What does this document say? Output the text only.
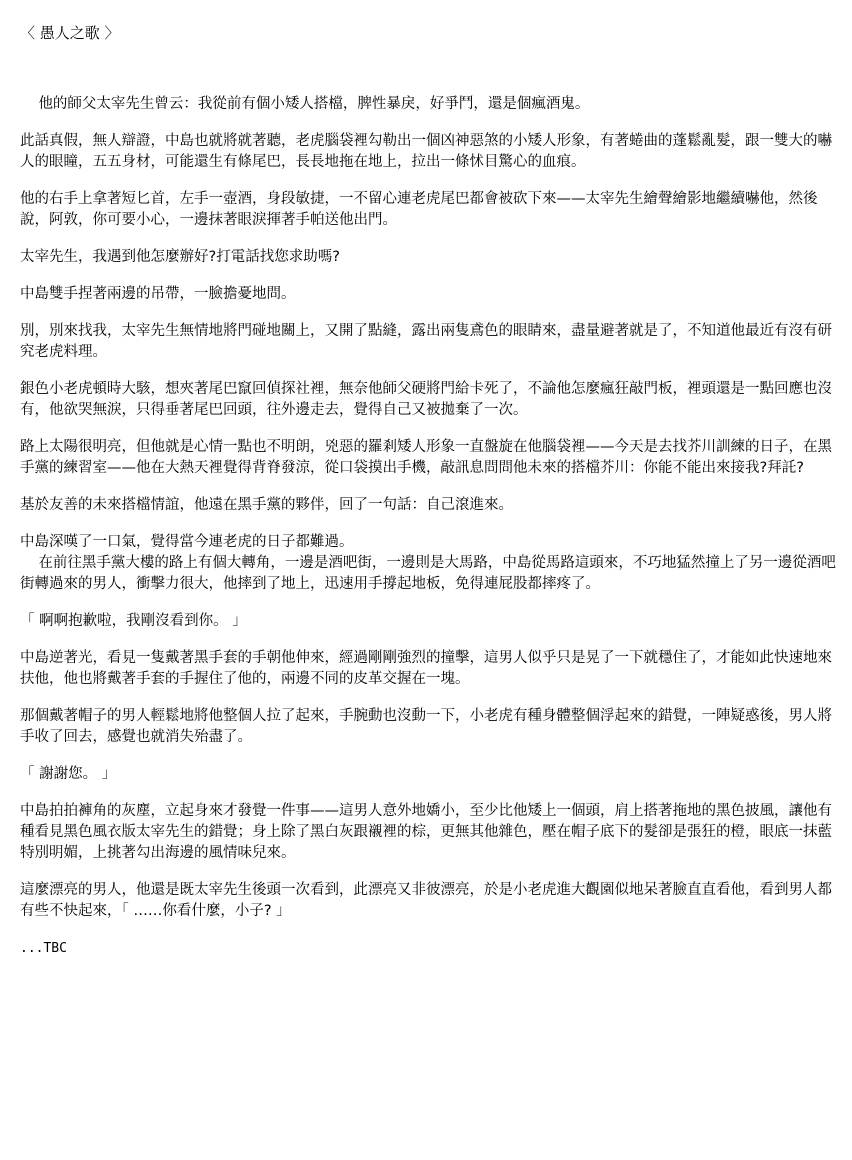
〈 愚人之歌 〉
他的師父太宰先生曾云：我從前有個小矮人搭檔，脾性暴戾，好爭鬥，還是個瘋酒鬼。
此話真假，無人辯證，中島也就將就著聽，老虎腦袋裡勾勒出一個凶神惡煞的小矮人形象，有著蜷曲的蓬鬆亂髮，跟一雙大的嚇人的眼瞳，五五身材，可能還生有條尾巴，長長地拖在地上，拉出一條怵目驚心的血痕。
他的右手上拿著短匕首，左手一壺酒，身段敏捷，一不留心連老虎尾巴都會被砍下來——太宰先生繪聲繪影地繼續嚇他，然後說，阿敦，你可要小心，一邊抹著眼淚揮著手帕送他出門。
太宰先生，我遇到他怎麼辦好?打電話找您求助嗎?
中島雙手捏著兩邊的吊帶，一臉擔憂地問。
別，別來找我，太宰先生無情地將門碰地關上，又開了點縫，露出兩隻鳶色的眼睛來，盡量避著就是了，不知道他最近有沒有研究老虎料理。
銀色小老虎頓時大駭，想夾著尾巴竄回偵探社裡，無奈他師父硬將門給卡死了，不論他怎麼瘋狂敲門板，裡頭還是一點回應也沒有，他欲哭無淚，只得垂著尾巴回頭，往外邊走去，覺得自己又被拋棄了一次。
路上太陽很明亮，但他就是心情一點也不明朗，兇惡的羅剎矮人形象一直盤旋在他腦袋裡——今天是去找芥川訓練的日子，在黑手黨的練習室——他在大熱天裡覺得背脊發涼，從口袋摸出手機，敲訊息問問他未來的搭檔芥川：你能不能出來接我?拜託?
基於友善的未來搭檔情誼，他遠在黑手黨的夥伴，回了一句話：自己滾進來。
中島深嘆了一口氣，覺得當今連老虎的日子都難過。
在前往黑手黨大樓的路上有個大轉角，一邊是酒吧街，一邊則是大馬路，中島從馬路這頭來，不巧地猛然撞上了另一邊從酒吧街轉過來的男人，衝擊力很大，他摔到了地上，迅速用手撐起地板，免得連屁股都摔疼了。
「 啊啊抱歉啦，我剛沒看到你。 」
中島逆著光，看見一隻戴著黑手套的手朝他伸來，經過剛剛強烈的撞擊，這男人似乎只是晃了一下就穩住了，才能如此快速地來扶他，他也將戴著手套的手握住了他的，兩邊不同的皮革交握在一塊。
那個戴著帽子的男人輕鬆地將他整個人拉了起來，手腕動也沒動一下，小老虎有種身體整個浮起來的錯覺，一陣疑惑後，男人將手收了回去，感覺也就消失殆盡了。
「 謝謝您。 」
中島拍拍褲角的灰塵，立起身來才發覺一件事——這男人意外地嬌小，至少比他矮上一個頭，肩上搭著拖地的黑色披風，讓他有種看見黑色風衣版太宰先生的錯覺；身上除了黑白灰跟襯裡的棕，更無其他雜色，壓在帽子底下的髮卻是張狂的橙，眼底一抹藍特別明媚，上挑著勾出海邊的風情味兒來。
這麼漂亮的男人，他還是既太宰先生後頭一次看到，此漂亮又非彼漂亮，於是小老虎進大觀園似地呆著臉直直看他，看到男人都有些不快起來，「 ……你看什麼，小子? 」
...TBC
